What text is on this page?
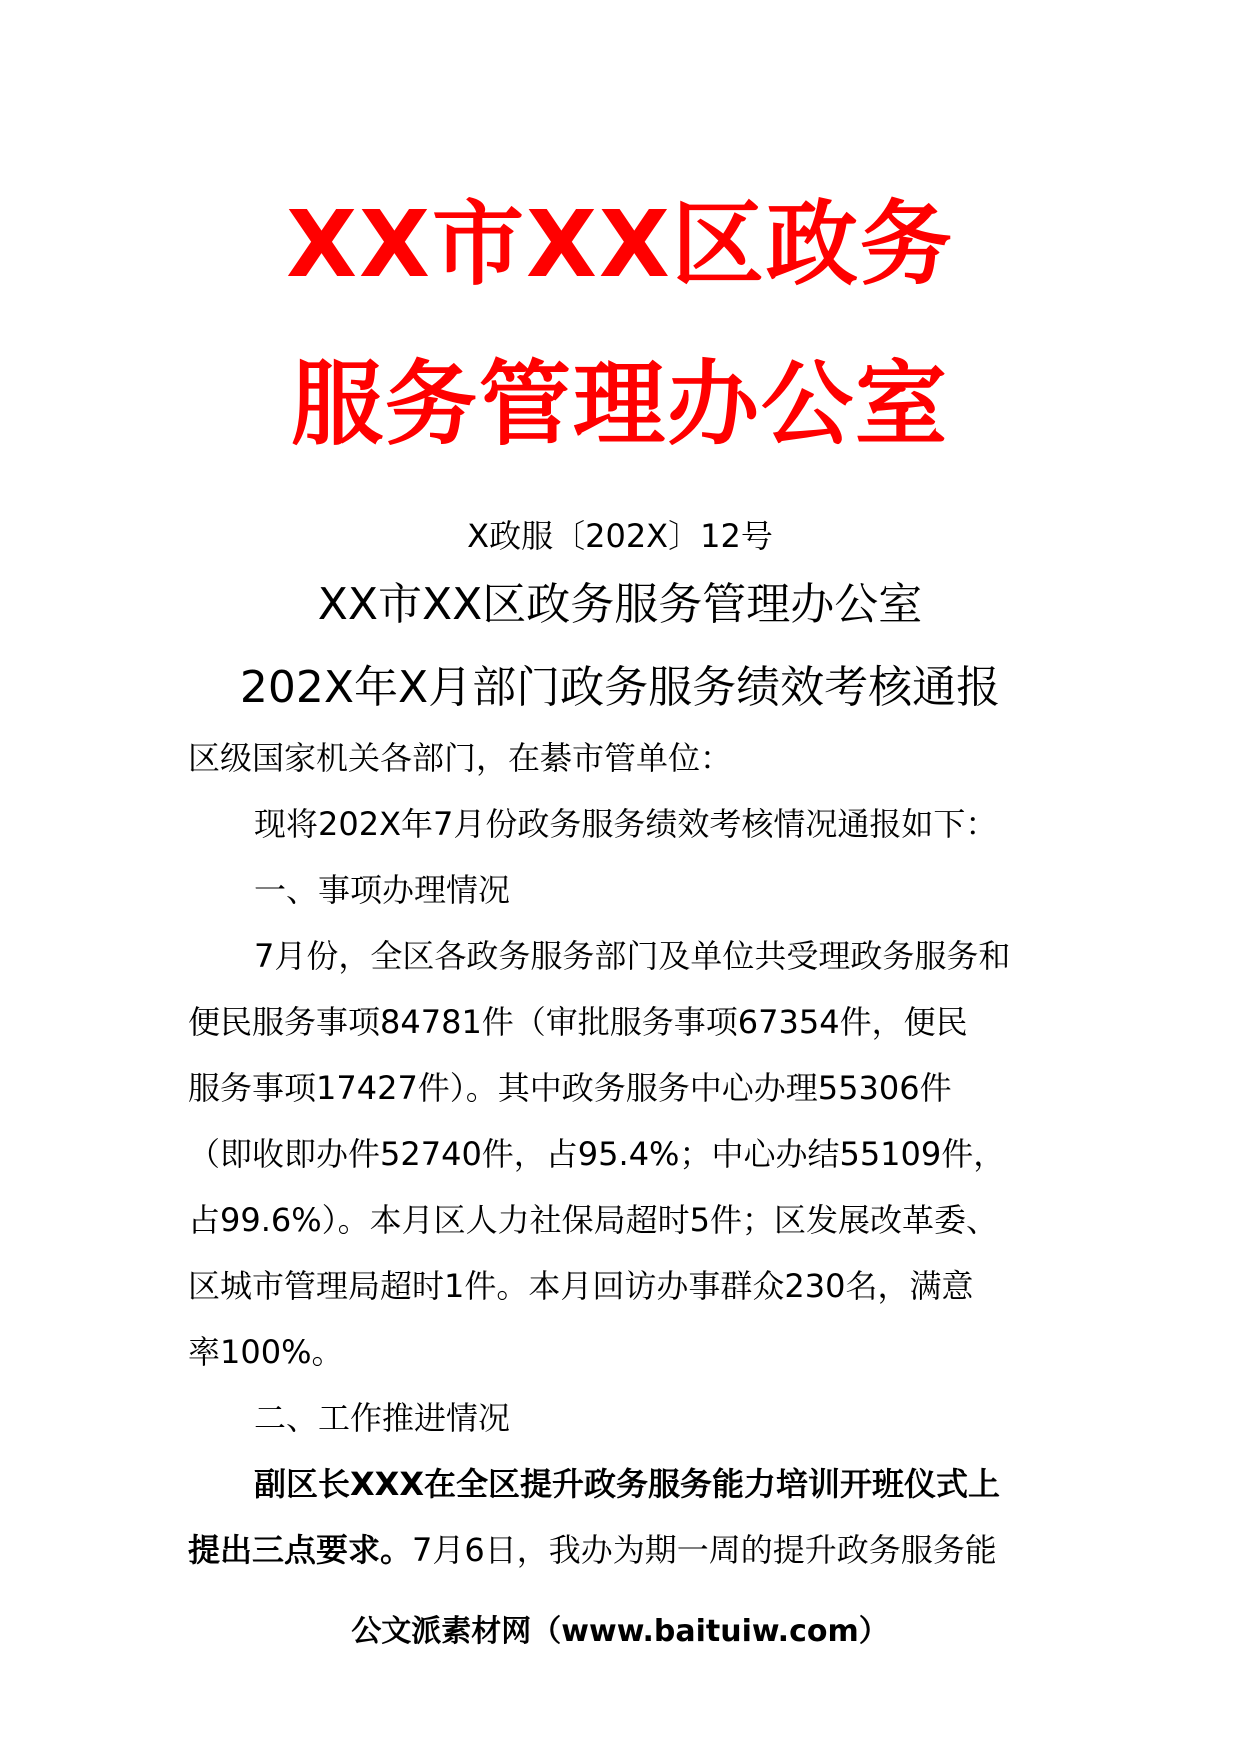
XX市XX区政务
服务管理办公室
X政服〔202X〕12号
XX市XX区政务服务管理办公室
202X年X月部门政务服务绩效考核通报
区级国家机关各部门，在綦市管单位：
现将202X年7月份政务服务绩效考核情况通报如下：
一、事项办理情况
7月份，全区各政务服务部门及单位共受理政务服务和
便民服务事项84781件（审批服务事项67354件，便民
服务事项17427件）。其中政务服务中心办理55306件
（即收即办件52740件，占95.4%；中心办结55109件，
占99.6%）。本月区人力社保局超时5件；区发展改革委、
区城市管理局超时1件。本月回访办事群众230名，满意
率100%。
二、工作推进情况
副区长XXX在全区提升政务服务能力培训开班仪式上
提出三点要求。7月6日，我办为期一周的提升政务服务能
公文派素材网（www.baituiw.com）
